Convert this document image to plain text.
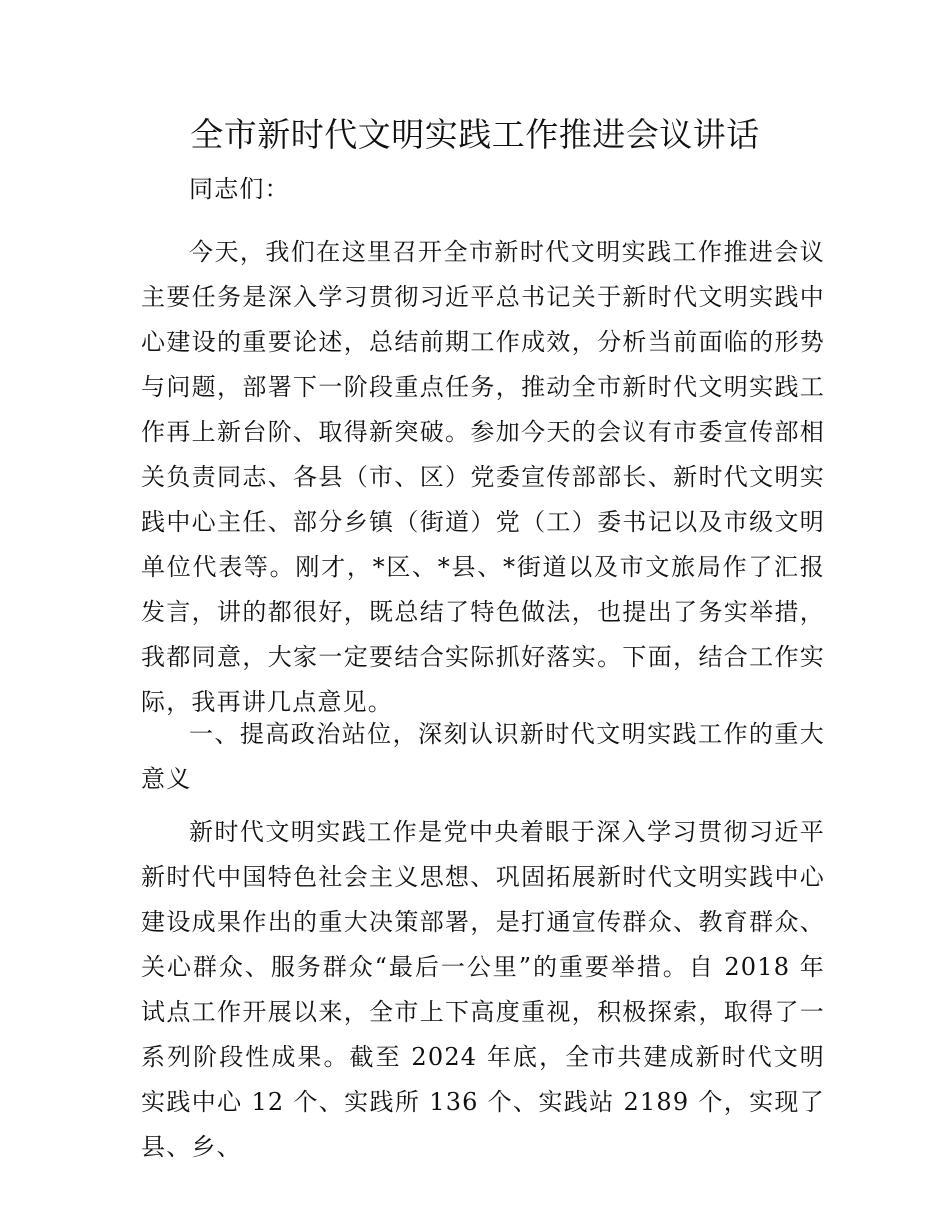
全市新时代文明实践工作推进会议讲话

同志们：

今天，我们在这里召开全市新时代文明实践工作推进会议主要任务是深入学习贯彻习近平总书记关于新时代文明实践中心建设的重要论述，总结前期工作成效，分析当前面临的形势与问题，部署下一阶段重点任务，推动全市新时代文明实践工作再上新台阶、取得新突破。参加今天的会议有市委宣传部相关负责同志、各县（市、区）党委宣传部部长、新时代文明实践中心主任、部分乡镇（街道）党（工）委书记以及市级文明单位代表等。刚才，*区、*县、*街道以及市文旅局作了汇报发言，讲的都很好，既总结了特色做法，也提出了务实举措，我都同意，大家一定要结合实际抓好落实。下面，结合工作实际，我再讲几点意见。

一、提高政治站位，深刻认识新时代文明实践工作的重大意义

新时代文明实践工作是党中央着眼于深入学习贯彻习近平新时代中国特色社会主义思想、巩固拓展新时代文明实践中心建设成果作出的重大决策部署，是打通宣传群众、教育群众、关心群众、服务群众“最后一公里”的重要举措。自 2018 年试点工作开展以来，全市上下高度重视，积极探索，取得了一系列阶段性成果。截至 2024 年底，全市共建成新时代文明实践中心 12 个、实践所 136 个、实践站 2189 个，实现了县、乡、
